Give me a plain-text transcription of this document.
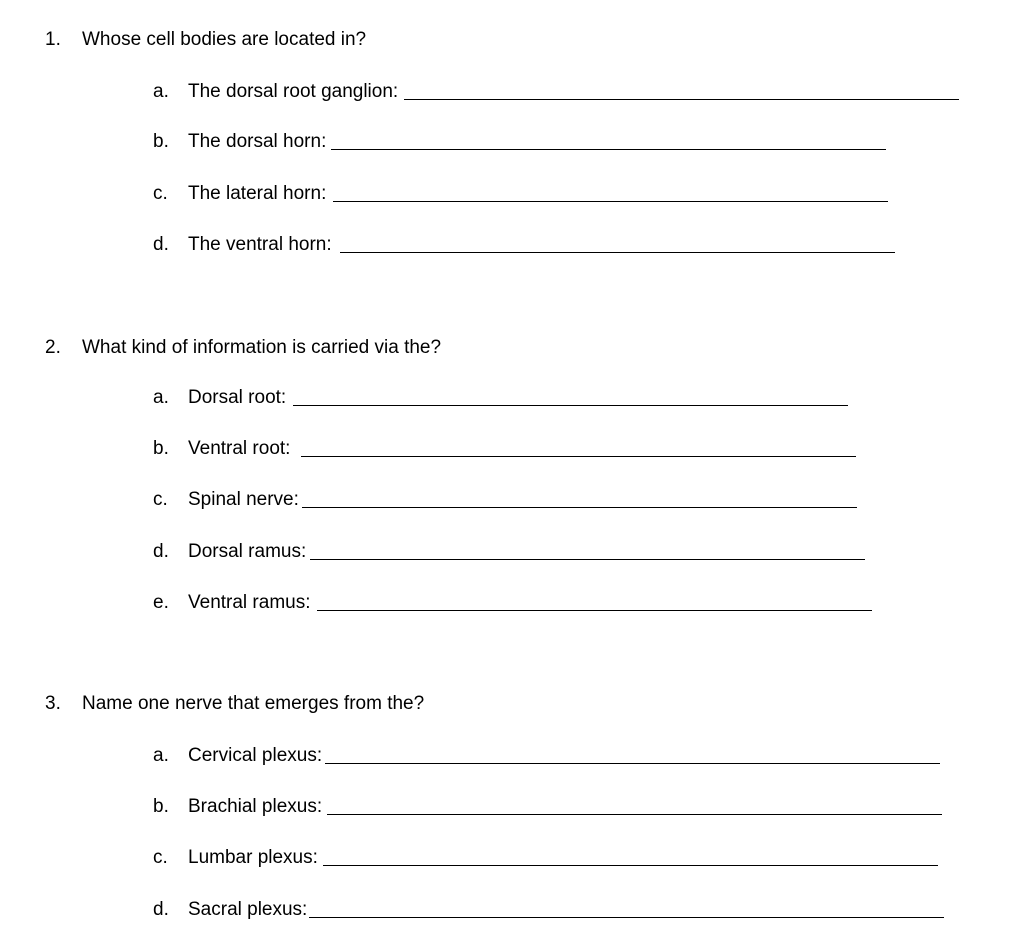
1. Whose cell bodies are located in?
a. The dorsal root ganglion:
b. The dorsal horn:
c. The lateral horn:
d. The ventral horn:
2. What kind of information is carried via the?
a. Dorsal root:
b. Ventral root:
c. Spinal nerve:
d. Dorsal ramus:
e. Ventral ramus:
3. Name one nerve that emerges from the?
a. Cervical plexus:
b. Brachial plexus:
c. Lumbar plexus:
d. Sacral plexus:
